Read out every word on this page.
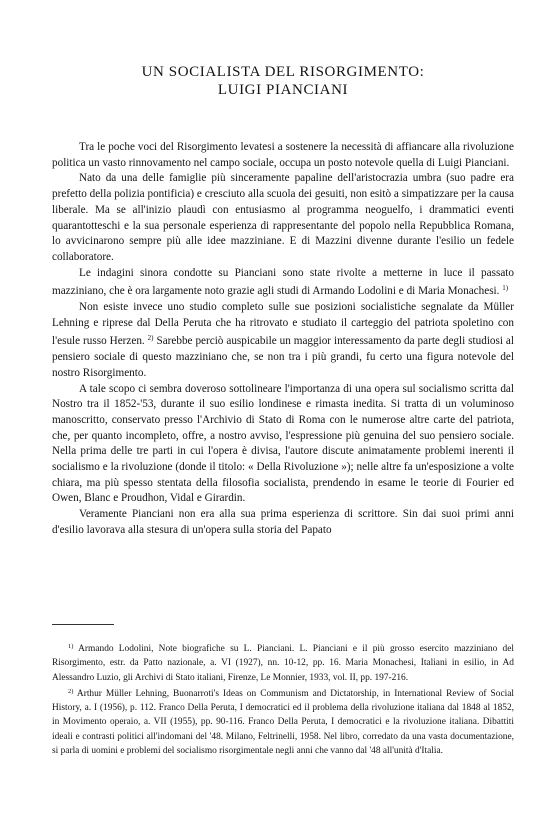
UN SOCIALISTA DEL RISORGIMENTO:
LUIGI PIANCIANI

Tra le poche voci del Risorgimento levatesi a sostenere la necessità di affiancare alla rivoluzione politica un vasto rinnovamento nel campo sociale, occupa un posto notevole quella di Luigi Pianciani.

Nato da una delle famiglie più sinceramente papaline dell'aristocrazia umbra (suo padre era prefetto della polizia pontificia) e cresciuto alla scuola dei gesuiti, non esitò a simpatizzare per la causa liberale. Ma se all'inizio plaudì con entusiasmo al programma neoguelfo, i drammatici eventi quarantotteschi e la sua personale esperienza di rappresentante del popolo nella Repubblica Romana, lo avvicinarono sempre più alle idee mazziniane. E di Mazzini divenne durante l'esilio un fedele collaboratore.

Le indagini sinora condotte su Pianciani sono state rivolte a metterne in luce il passato mazziniano, che è ora largamente noto grazie agli studi di Armando Lodolini e di Maria Monachesi. $^{1)}$

Non esiste invece uno studio completo sulle sue posizioni socialistiche segnalate da Müller Lehning e riprese dal Della Peruta che ha ritrovato e studiato il carteggio del patriota spoletino con l'esule russo Herzen. $^{2)}$ Sarebbe perciò auspicabile un maggior interessamento da parte degli studiosi al pensiero sociale di questo mazziniano che, se non tra i più grandi, fu certo una figura notevole del nostro Risorgimento.

A tale scopo ci sembra doveroso sottolineare l'importanza di una opera sul socialismo scritta dal Nostro tra il 1852-'53, durante il suo esilio londinese e rimasta inedita. Si tratta di un voluminoso manoscritto, conservato presso l'Archivio di Stato di Roma con le numerose altre carte del patriota, che, per quanto incompleto, offre, a nostro avviso, l'espressione più genuina del suo pensiero sociale. Nella prima delle tre parti in cui l'opera è divisa, l'autore discute animatamente problemi inerenti il socialismo e la rivoluzione (donde il titolo: « Della Rivoluzione »); nelle altre fa un'esposizione a volte chiara, ma più spesso stentata della filosofia socialista, prendendo in esame le teorie di Fourier ed Owen, Blanc e Proudhon, Vidal e Girardin.

Veramente Pianciani non era alla sua prima esperienza di scrittore. Sin dai suoi primi anni d'esilio lavorava alla stesura di un'opera sulla storia del Papato

$^{1)}$ Armando Lodolini, Note biografiche su L. Pianciani. L. Pianciani e il più grosso esercito mazziniano del Risorgimento, estr. da Patto nazionale, a. VI (1927), nn. 10-12, pp. 16. Maria Monachesi, Italiani in esilio, in Ad Alessandro Luzio, gli Archivi di Stato italiani, Firenze, Le Monnier, 1933, vol. II, pp. 197-216.

$^{2)}$ Arthur Müller Lehning, Buonarroti's Ideas on Communism and Dictatorship, in International Review of Social History, a. I (1956), p. 112. Franco Della Peruta, I democratici ed il problema della rivoluzione italiana dal 1848 al 1852, in Movimento operaio, a. VII (1955), pp. 90-116. Franco Della Peruta, I democratici e la rivoluzione italiana. Dibattiti ideali e contrasti politici all'indomani del '48. Milano, Feltrinelli, 1958. Nel libro, corredato da una vasta documentazione, si parla di uomini e problemi del socialismo risorgimentale negli anni che vanno dal '48 all'unità d'Italia.
